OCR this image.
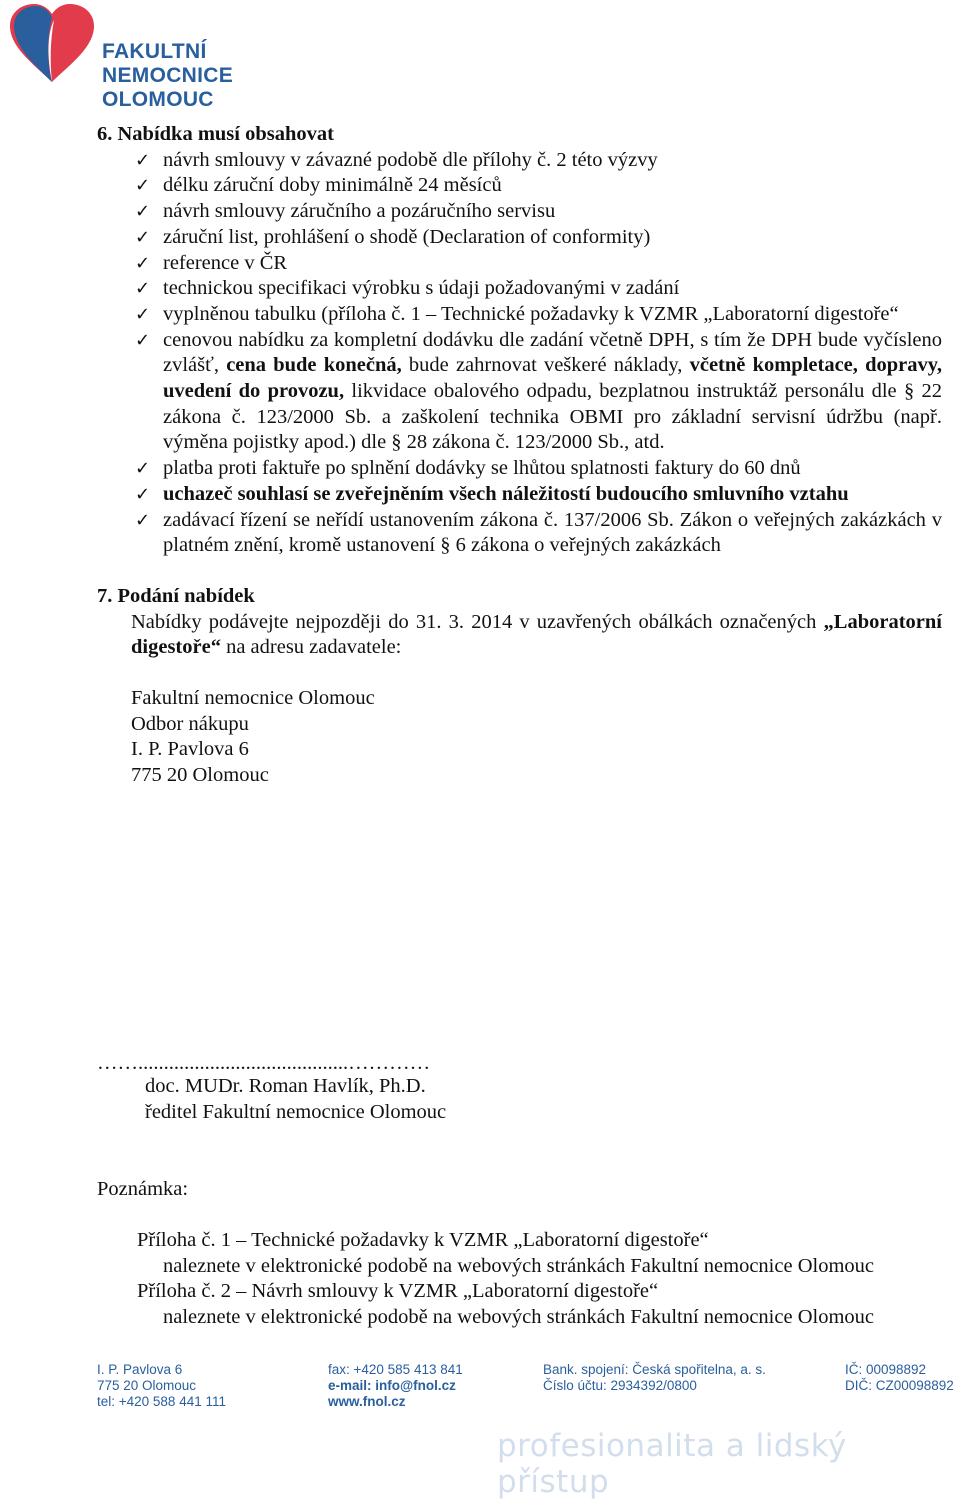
FAKULTNÍ NEMOCNICE
OLOMOUC
6. Nabídka musí obsahovat
✓ návrh smlouvy v závazné podobě dle přílohy č. 2 této výzvy
✓ délku záruční doby minimálně 24 měsíců
✓ návrh smlouvy záručního a pozáručního servisu
✓ záruční list, prohlášení o shodě (Declaration of conformity)
✓ reference v ČR
✓ technickou specifikaci výrobku s údaji požadovanými v zadání
✓ vyplněnou tabulku (příloha č. 1 – Technické požadavky k VZMR „Laboratorní digestoře“
✓ cenovou nabídku za kompletní dodávku dle zadání včetně DPH, s tím že DPH bude vyčísleno zvlášť, cena bude konečná, bude zahrnovat veškeré náklady, včetně kompletace, dopravy, uvedení do provozu, likvidace obalového odpadu, bezplatnou instruktáž personálu dle § 22 zákona č. 123/2000 Sb. a zaškolení technika OBMI pro základní servisní údržbu (např. výměna pojistky apod.) dle § 28 zákona č. 123/2000 Sb., atd.
✓ platba proti faktuře po splnění dodávky se lhůtou splatnosti faktury do 60 dnů
✓ uchazeč souhlasí se zveřejněním všech náležitostí budoucího smluvního vztahu
✓ zadávací řízení se neřídí ustanovením zákona č. 137/2006 Sb. Zákon o veřejných zakázkách v platném znění, kromě ustanovení § 6 zákona o veřejných zakázkách
7. Podání nabídek
Nabídky podávejte nejpozději do 31. 3. 2014 v uzavřených obálkách označených „Laboratorní digestoře“ na adresu zadavatele:
Fakultní nemocnice Olomouc
Odbor nákupu
I. P. Pavlova 6
775 20 Olomouc
…….........................................…………
doc. MUDr. Roman Havlík, Ph.D.
ředitel Fakultní nemocnice Olomouc
Poznámka:
Příloha č. 1 – Technické požadavky k VZMR „Laboratorní digestoře“
naleznete v elektronické podobě na webových stránkách Fakultní nemocnice Olomouc
Příloha č. 2 – Návrh smlouvy k VZMR „Laboratorní digestoře“
naleznete v elektronické podobě na webových stránkách Fakultní nemocnice Olomouc
I. P. Pavlova 6
775 20 Olomouc
tel: +420 588 441 111
fax: +420 585 413 841
e-mail: info@fnol.cz
www.fnol.cz
Bank. spojení: Česká spořitelna, a. s.
Číslo účtu: 2934392/0800
IČ: 00098892
DIČ: CZ00098892
profesionalita a lidský přístup
